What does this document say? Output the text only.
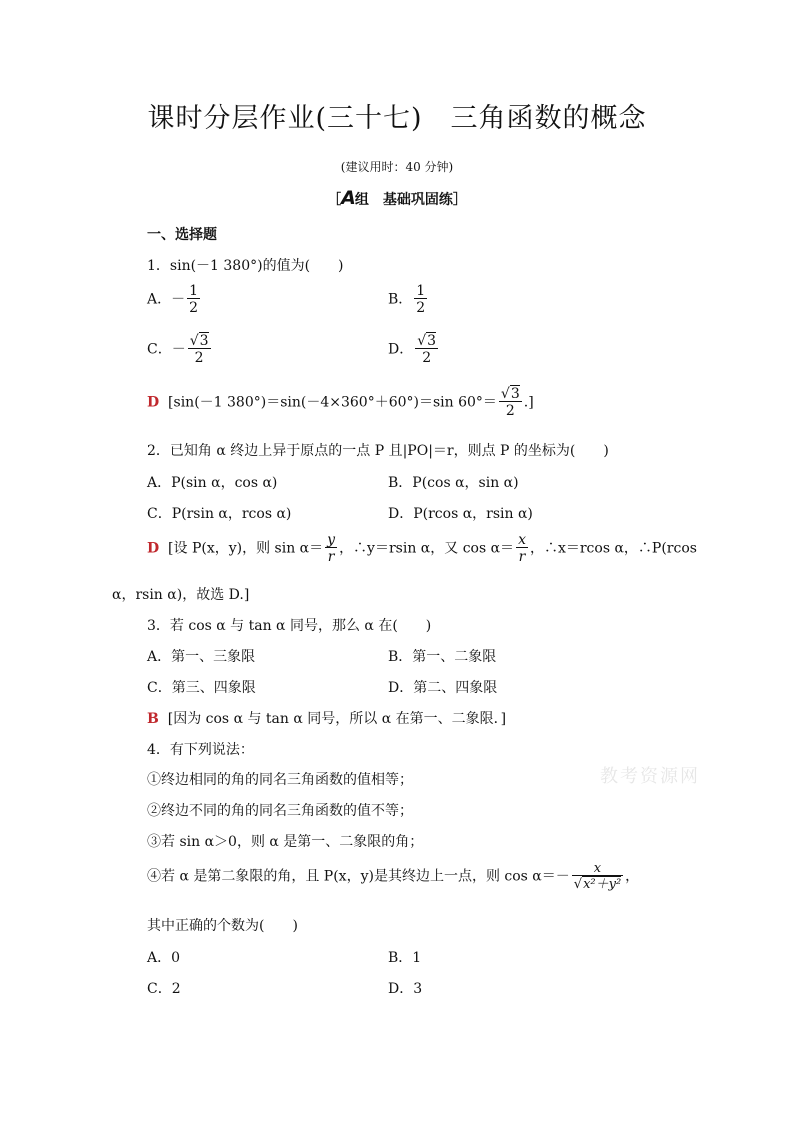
课时分层作业(三十七)　三角函数的概念
(建议用时：40 分钟)
［A组　基础巩固练］
一、选择题
1．sin(－1 380°)的值为(　　)
A．－ $\frac{1}{2}$	B． $\frac{1}{2}$
C．－ $\frac{√3}{2}$	D． $\frac{√3}{2}$
D [sin(－1 380°)＝sin(－4×360°＋60°)＝sin $60^\circ= \frac{√3}{2}$ .]
2．已知角 α 终边上异于原点的一点 P 且|PO|＝r，则点 P 的坐标为(　　)
A．P(sin α，cos α)	B．P(cos α，sin α)
C．P(rsin α，rcos α)	D．P(rcos α，rsin α)
D [设 P(x，y)，则 $\sin \alpha= \frac{y}{r}$ ，∴y＝rsin α，又 $\cos \alpha= \frac{x}{r}$ ，∴x＝rcos α，∴P(rcos
α，rsin α)，故选 D.]
3．若 cos α 与 tan α 同号，那么 α 在(　　)
A．第一、三象限	B．第一、二象限
C．第三、四象限	D．第二、四象限
B [因为 cos α 与 tan α 同号，所以 α 在第一、二象限．]
4．有下列说法：
①终边相同的角的同名三角函数的值相等；
②终边不同的角的同名三角函数的值不等；
③若 sin α＞0，则 α 是第一、二象限的角；
④若 α 是第二象限的角，且 P(x，y)是其终边上一点，则 $\cos \alpha=- \frac{x}{\text{√x²＋y²}}$ ，
其中正确的个数为(　　)
A．0	B．1
C．2	D．3
教考资源网
